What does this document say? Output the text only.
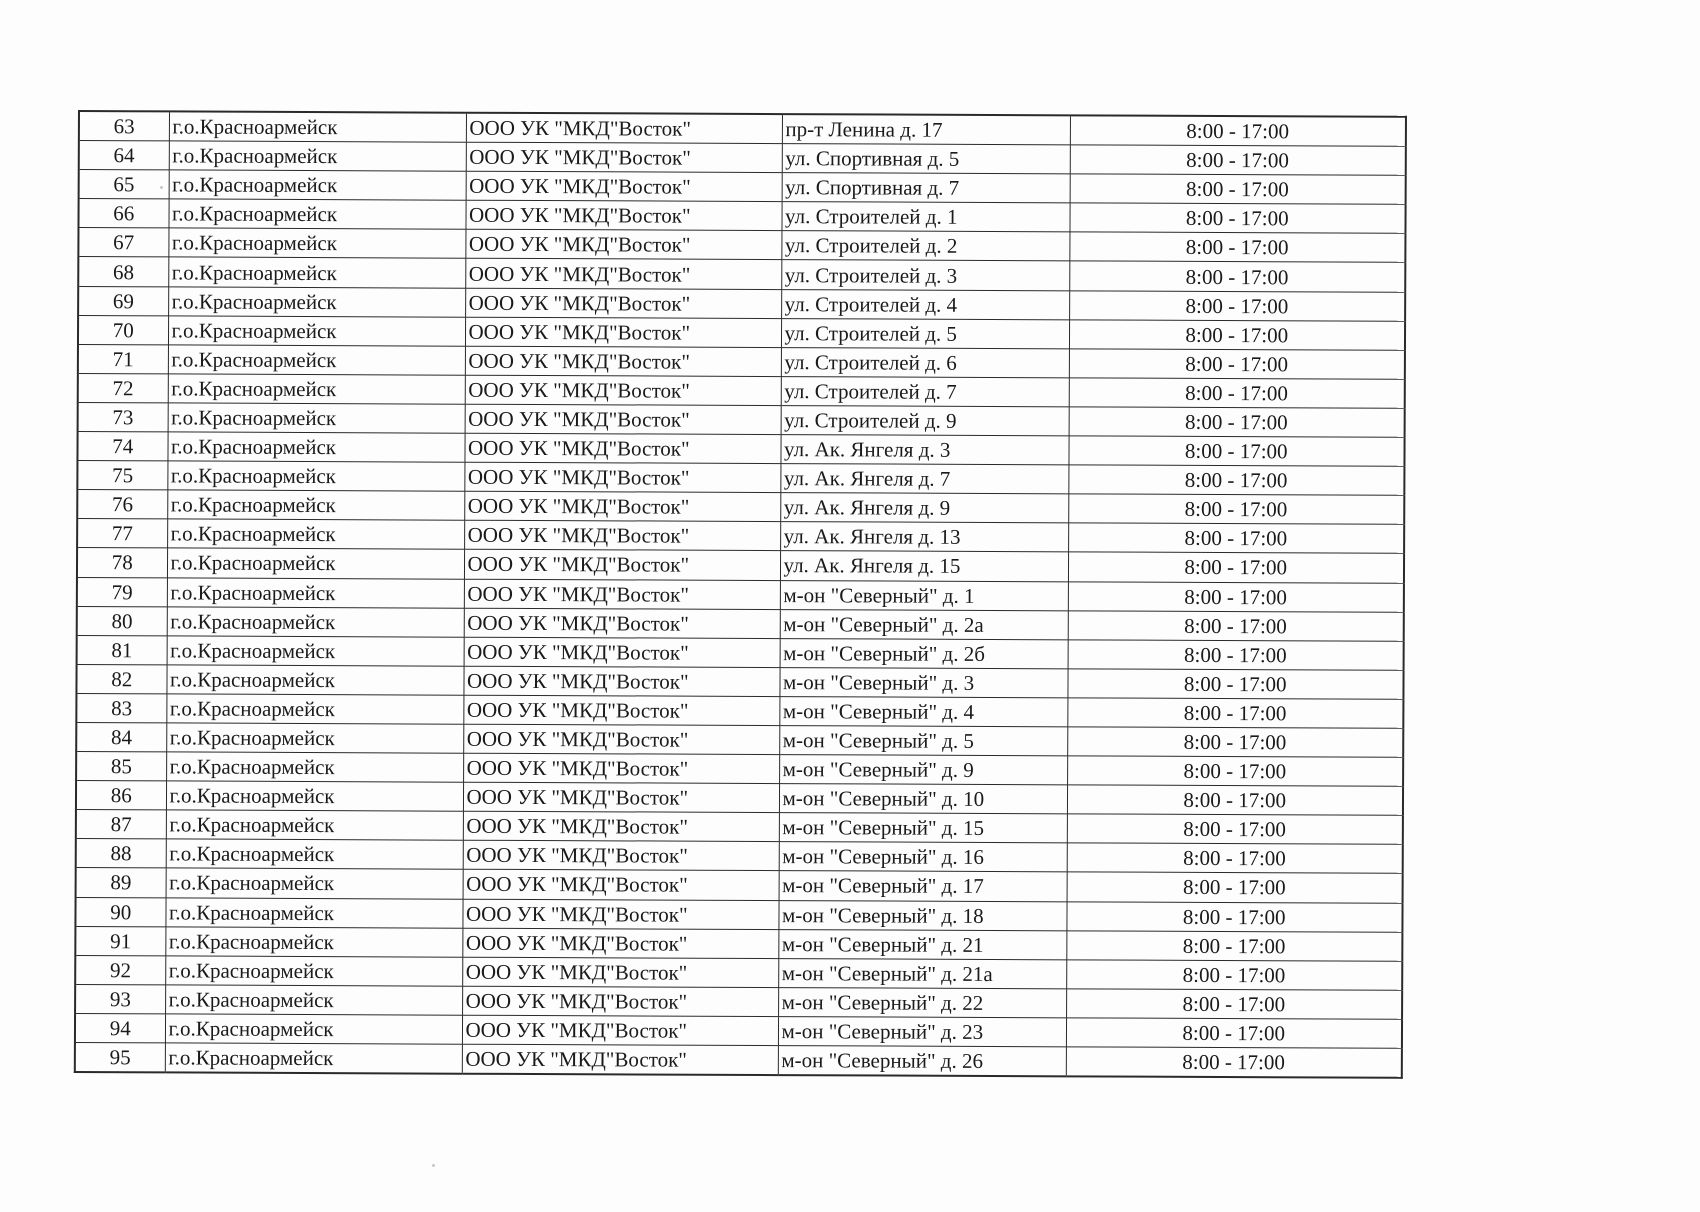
63	г.о.Красноармейск	ООО УК "МКД"Восток"	пр-т Ленина д. 17	8:00 - 17:00
64	г.о.Красноармейск	ООО УК "МКД"Восток"	ул. Спортивная д. 5	8:00 - 17:00
65	г.о.Красноармейск	ООО УК "МКД"Восток"	ул. Спортивная д. 7	8:00 - 17:00
66	г.о.Красноармейск	ООО УК "МКД"Восток"	ул. Строителей д. 1	8:00 - 17:00
67	г.о.Красноармейск	ООО УК "МКД"Восток"	ул. Строителей д. 2	8:00 - 17:00
68	г.о.Красноармейск	ООО УК "МКД"Восток"	ул. Строителей д. 3	8:00 - 17:00
69	г.о.Красноармейск	ООО УК "МКД"Восток"	ул. Строителей д. 4	8:00 - 17:00
70	г.о.Красноармейск	ООО УК "МКД"Восток"	ул. Строителей д. 5	8:00 - 17:00
71	г.о.Красноармейск	ООО УК "МКД"Восток"	ул. Строителей д. 6	8:00 - 17:00
72	г.о.Красноармейск	ООО УК "МКД"Восток"	ул. Строителей д. 7	8:00 - 17:00
73	г.о.Красноармейск	ООО УК "МКД"Восток"	ул. Строителей д. 9	8:00 - 17:00
74	г.о.Красноармейск	ООО УК "МКД"Восток"	ул. Ак. Янгеля д. 3	8:00 - 17:00
75	г.о.Красноармейск	ООО УК "МКД"Восток"	ул. Ак. Янгеля д. 7	8:00 - 17:00
76	г.о.Красноармейск	ООО УК "МКД"Восток"	ул. Ак. Янгеля д. 9	8:00 - 17:00
77	г.о.Красноармейск	ООО УК "МКД"Восток"	ул. Ак. Янгеля д. 13	8:00 - 17:00
78	г.о.Красноармейск	ООО УК "МКД"Восток"	ул. Ак. Янгеля д. 15	8:00 - 17:00
79	г.о.Красноармейск	ООО УК "МКД"Восток"	м-он "Северный" д. 1	8:00 - 17:00
80	г.о.Красноармейск	ООО УК "МКД"Восток"	м-он "Северный" д. 2а	8:00 - 17:00
81	г.о.Красноармейск	ООО УК "МКД"Восток"	м-он "Северный" д. 2б	8:00 - 17:00
82	г.о.Красноармейск	ООО УК "МКД"Восток"	м-он "Северный" д. 3	8:00 - 17:00
83	г.о.Красноармейск	ООО УК "МКД"Восток"	м-он "Северный" д. 4	8:00 - 17:00
84	г.о.Красноармейск	ООО УК "МКД"Восток"	м-он "Северный" д. 5	8:00 - 17:00
85	г.о.Красноармейск	ООО УК "МКД"Восток"	м-он "Северный" д. 9	8:00 - 17:00
86	г.о.Красноармейск	ООО УК "МКД"Восток"	м-он "Северный" д. 10	8:00 - 17:00
87	г.о.Красноармейск	ООО УК "МКД"Восток"	м-он "Северный" д. 15	8:00 - 17:00
88	г.о.Красноармейск	ООО УК "МКД"Восток"	м-он "Северный" д. 16	8:00 - 17:00
89	г.о.Красноармейск	ООО УК "МКД"Восток"	м-он "Северный" д. 17	8:00 - 17:00
90	г.о.Красноармейск	ООО УК "МКД"Восток"	м-он "Северный" д. 18	8:00 - 17:00
91	г.о.Красноармейск	ООО УК "МКД"Восток"	м-он "Северный" д. 21	8:00 - 17:00
92	г.о.Красноармейск	ООО УК "МКД"Восток"	м-он "Северный" д. 21а	8:00 - 17:00
93	г.о.Красноармейск	ООО УК "МКД"Восток"	м-он "Северный" д. 22	8:00 - 17:00
94	г.о.Красноармейск	ООО УК "МКД"Восток"	м-он "Северный" д. 23	8:00 - 17:00
95	г.о.Красноармейск	ООО УК "МКД"Восток"	м-он "Северный" д. 26	8:00 - 17:00
